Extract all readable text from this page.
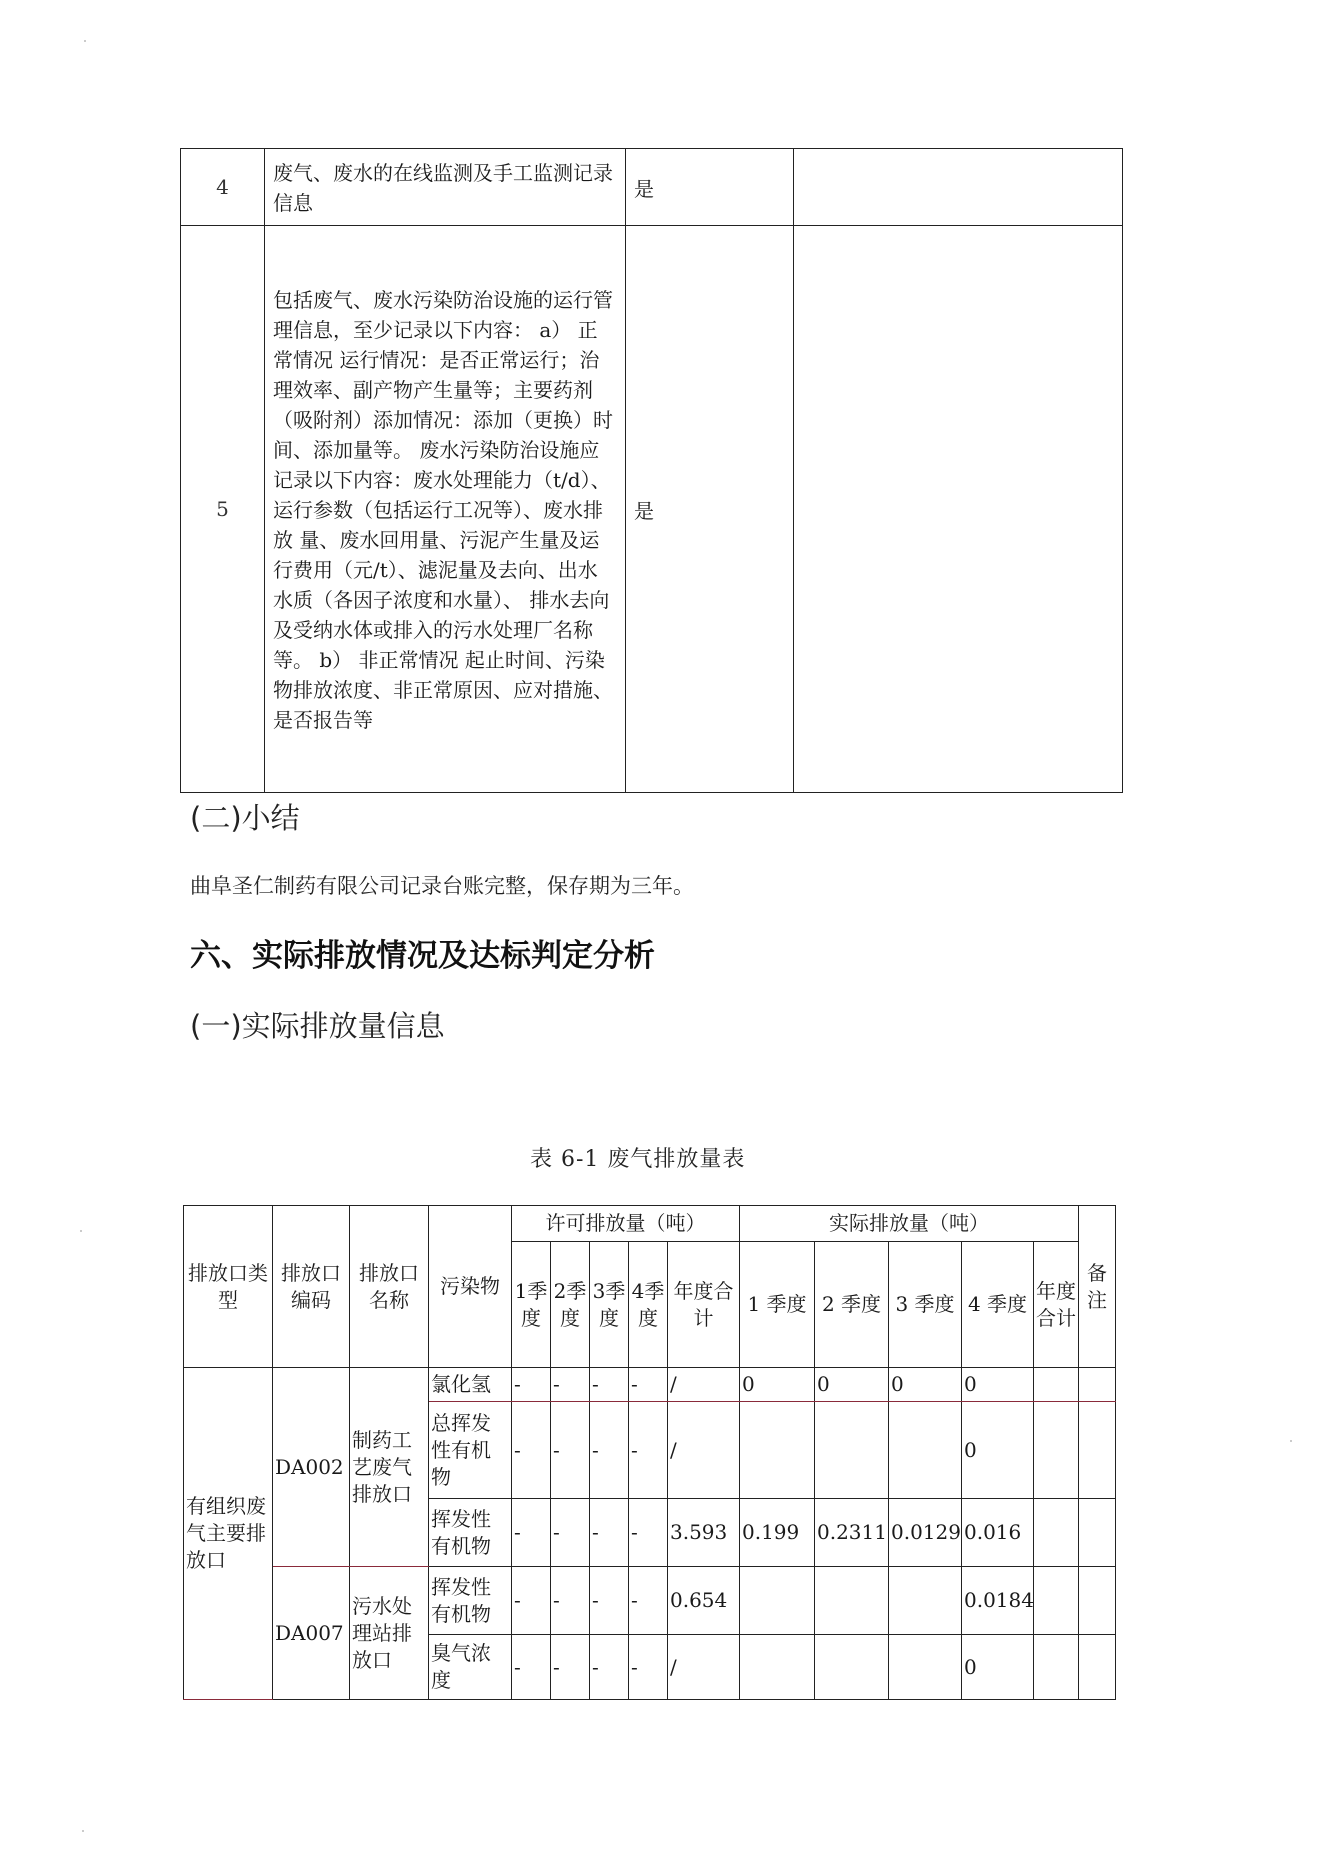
4	废气、废水的在线监测及手工监测记录信息	是	
5	包括废气、废水污染防治设施的运行管理信息，至少记录以下内容： a） 正常情况 运行情况：是否正常运行；治理效率、副产物产生量等；主要药剂（吸附剂）添加情况：添加（更换）时间、添加量等。 废水污染防治设施应记录以下内容：废水处理能力（t/d）、运行参数（包括运行工况等）、废水排放 量、废水回用量、污泥产生量及运行费用（元/t）、滤泥量及去向、出水水质（各因子浓度和水量）、 排水去向及受纳水体或排入的污水处理厂名称等。 b） 非正常情况 起止时间、污染物排放浓度、非正常原因、应对措施、是否报告等	是	
(二)小结
曲阜圣仁制药有限公司记录台账完整，保存期为三年。
六、实际排放情况及达标判定分析
(一)实际排放量信息
表 6-1 废气排放量表
排放口类型	排放口编码	排放口名称	污染物	许可排放量（吨）					实际排放量（吨）					备注
				1季度	2季度	3季度	4季度	年度合计	1 季度	2 季度	3 季度	4 季度	年度合计	
有组织废气主要排放口	DA002	制药工艺废气排放口	氯化氢	-	-	-	-	/	0	0	0	0		
			总挥发性有机物	-	-	-	-	/				0		
			挥发性有机物	-	-	-	-	3.593	0.199	0.2311	0.0129	0.016		
	DA007	污水处理站排放口	挥发性有机物	-	-	-	-	0.654				0.0184		
			臭气浓度	-	-	-	-	/				0		
